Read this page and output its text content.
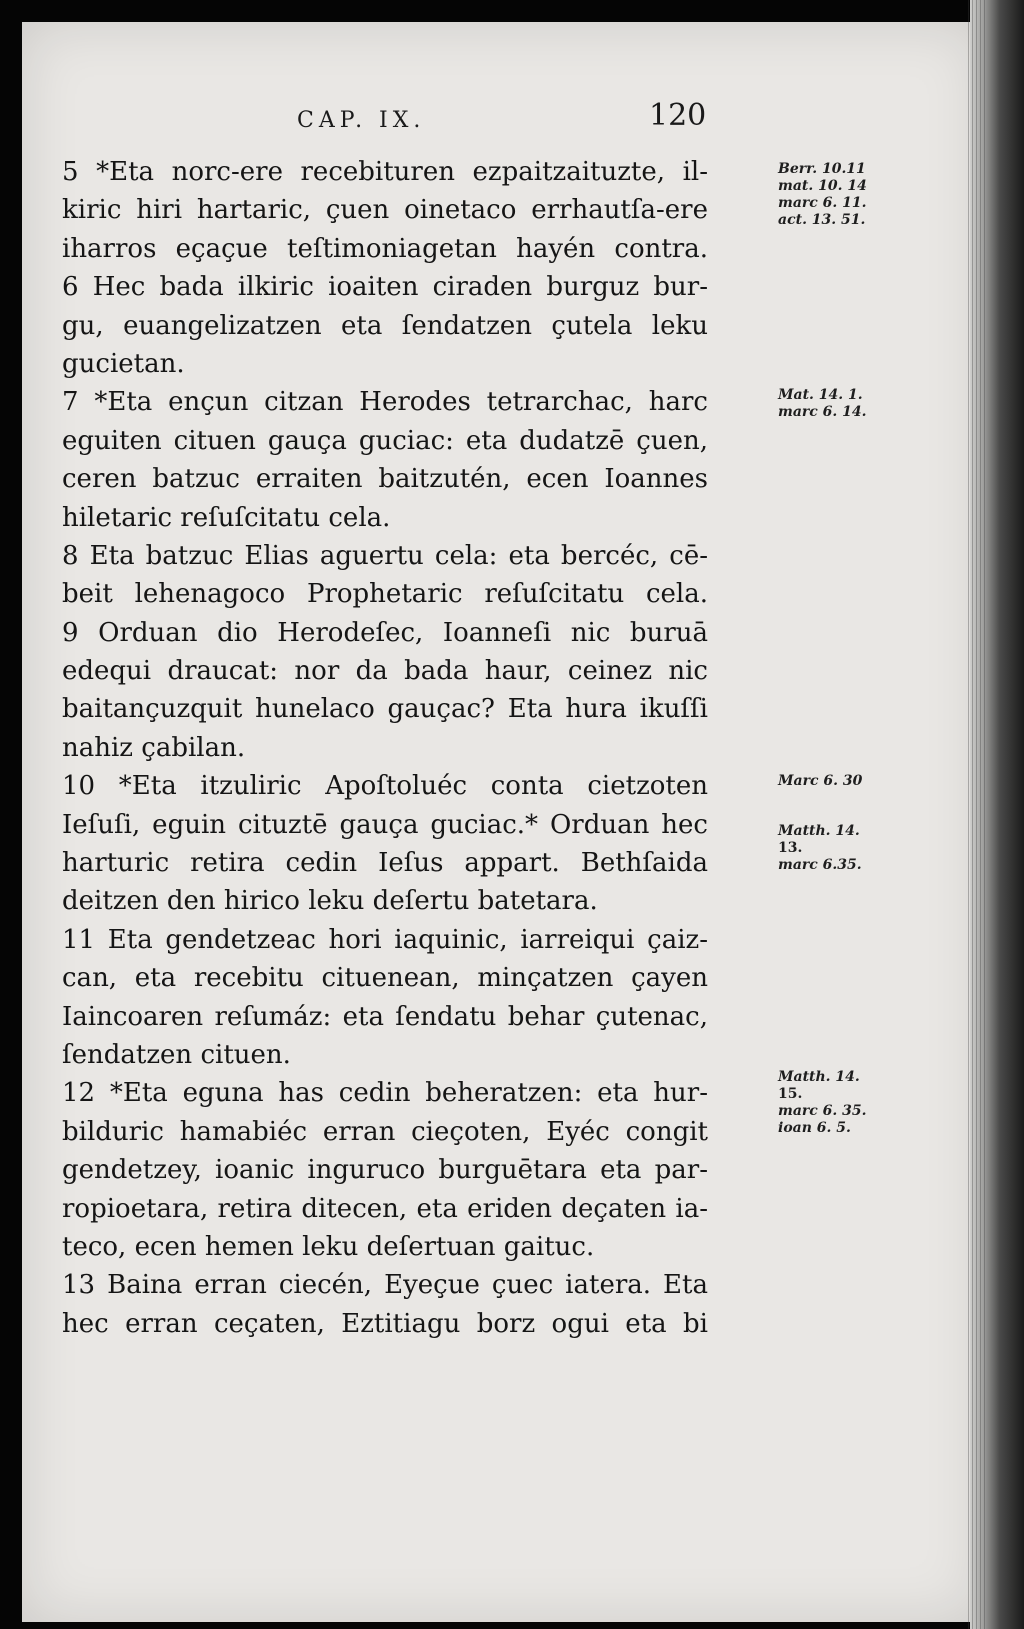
CAP. IX.	120
5 *Eta norc-ere recebituren ezpaitzaituzte, il-
kiric hiri hartaric, çuen oinetaco errhautſa-ere
iharros eçaçue teſtimoniagetan hayén contra.
6 Hec bada ilkiric ioaiten ciraden burguz bur-
gu, euangelizatzen eta ſendatzen çutela leku
gucietan.
7 *Eta ençun citzan Herodes tetrarchac, harc
eguiten cituen gauça guciac: eta dudatzē çuen,
ceren batzuc erraiten baitzutén, ecen Ioannes
hiletaric reſuſcitatu cela.
8 Eta batzuc Elias aguertu cela: eta bercéc, cē-
beit lehenagoco Prophetaric reſuſcitatu cela.
9 Orduan dio Herodeſec, Ioanneſi nic buruā
edequi draucat: nor da bada haur, ceinez nic
baitançuzquit hunelaco gauçac? Eta hura ikuſſi
nahiz çabilan.
10 *Eta itzuliric Apoſtoluéc conta cietzoten
Ieſuſi, eguin cituztē gauça guciac.* Orduan hec
harturic retira cedin Ieſus appart. Bethſaida
deitzen den hirico leku deſertu batetara.
11 Eta gendetzeac hori iaquinic, iarreiqui çaiz-
can, eta recebitu cituenean, minçatzen çayen
Iaincoaren reſumáz: eta ſendatu behar çutenac,
ſendatzen cituen.
12 *Eta eguna has cedin beheratzen: eta hur-
bilduric hamabiéc erran cieçoten, Eyéc congit
gendetzey, ioanic inguruco burguētara eta par-
ropioetara, retira ditecen, eta eriden deçaten ia-
teco, ecen hemen leku deſertuan gaituc.
13 Baina erran ciecén, Eyeçue çuec iatera. Eta
hec erran ceçaten, Eztitiagu borz ogui eta bi
Berr. 10.11
mat. 10. 14
marc 6. 11.
act. 13. 51.
Mat. 14. 1.
marc 6. 14.
Marc 6. 30
Matth. 14.
13.
marc 6.35.
Matth. 14.
15.
marc 6. 35.
ioan 6. 5.
